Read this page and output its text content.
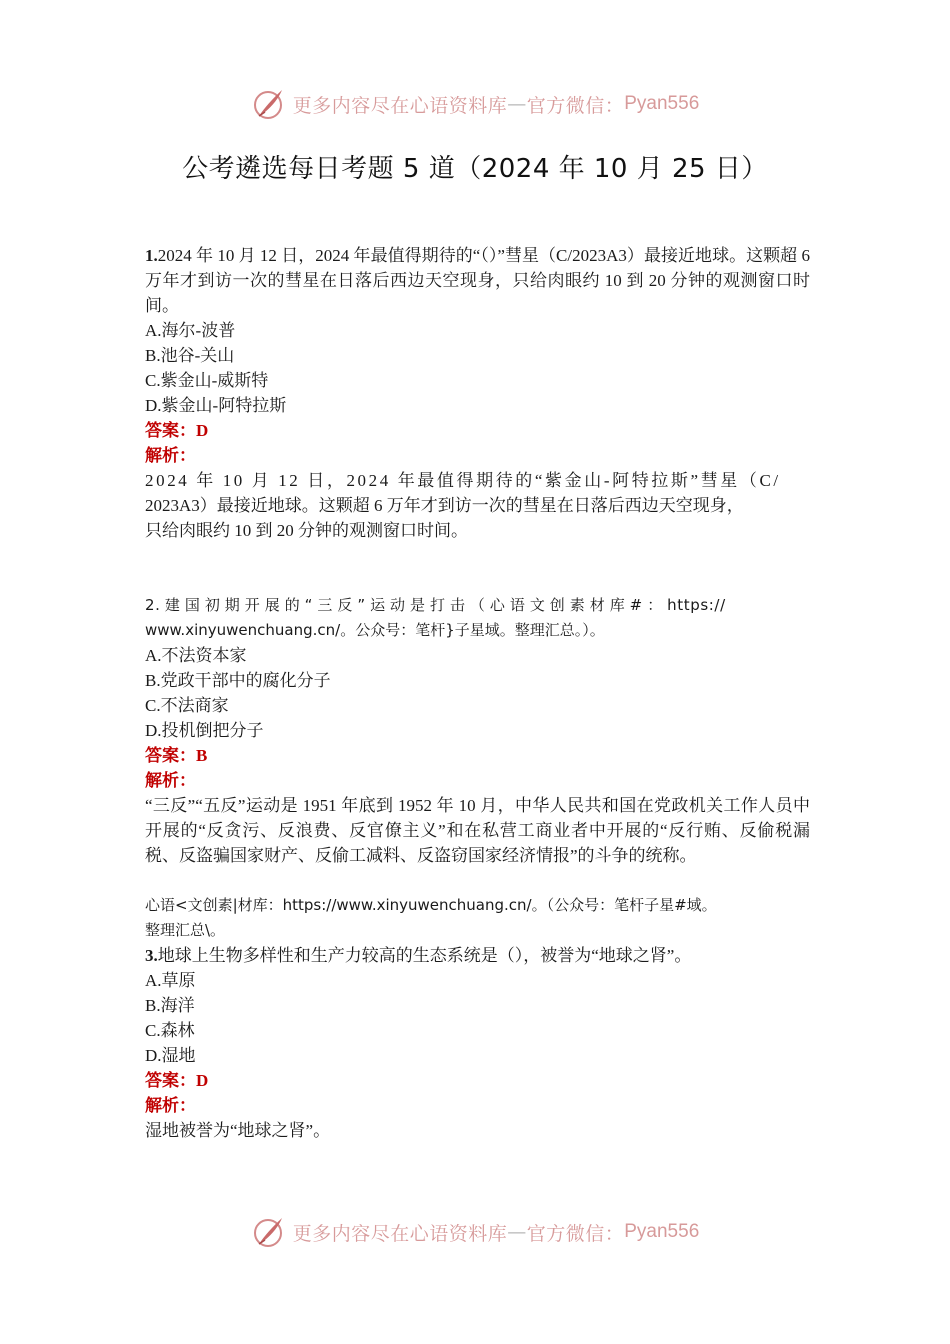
更多内容尽在心语资料库 — 官方微信： Pyan556
公考遴选每日考题 5 道（2024 年 10 月 25 日）

1.2024 年 10 月 12 日，2024 年最值得期待的“（）”彗星（C/2023A3）最接近地球。这颗超 6 万年才到访一次的彗星在日落后西边天空现身，只给肉眼约 10 到 20 分钟的观测窗口时间。

A.海尔-波普

B.池谷-关山

C.紫金山-威斯特

D.紫金山-阿特拉斯

答案：D

解析：

2024 年 10 月 12 日，2024 年最值得期待的“紫金山-阿特拉斯”彗星（C/

2023A3）最接近地球。这颗超 6 万年才到访一次的彗星在日落后西边天空现身，

只给肉眼约 10 到 20 分钟的观测窗口时间。

2. 建 国 初 期 开 展 的 “ 三 反 ” 运 动 是 打 击 （ 心 语 文 创 素 材 库 # ： https://

www.xinyuwenchuang.cn/。公众号：笔杆}子星域。整理汇总。）。

A.不法资本家

B.党政干部中的腐化分子

C.不法商家

D.投机倒把分子

答案：B

解析：

“三反”“五反”运动是 1951 年底到 1952 年 10 月，中华人民共和国在党政机关工作人员中开展的“反贪污、反浪费、反官僚主义”和在私营工商业者中开展的“反行贿、反偷税漏税、反盗骗国家财产、反偷工减料、反盗窃国家经济情报”的斗争的统称。

心语<文创素|材库：https://www.xinyuwenchuang.cn/。（公众号：笔杆子星#域。

整理汇总\。

3.地球上生物多样性和生产力较高的生态系统是（），被誉为“地球之肾”。

A.草原

B.海洋

C.森林

D.湿地

答案：D

解析：

湿地被誉为“地球之肾”。

更多内容尽在心语资料库 — 官方微信： Pyan556
